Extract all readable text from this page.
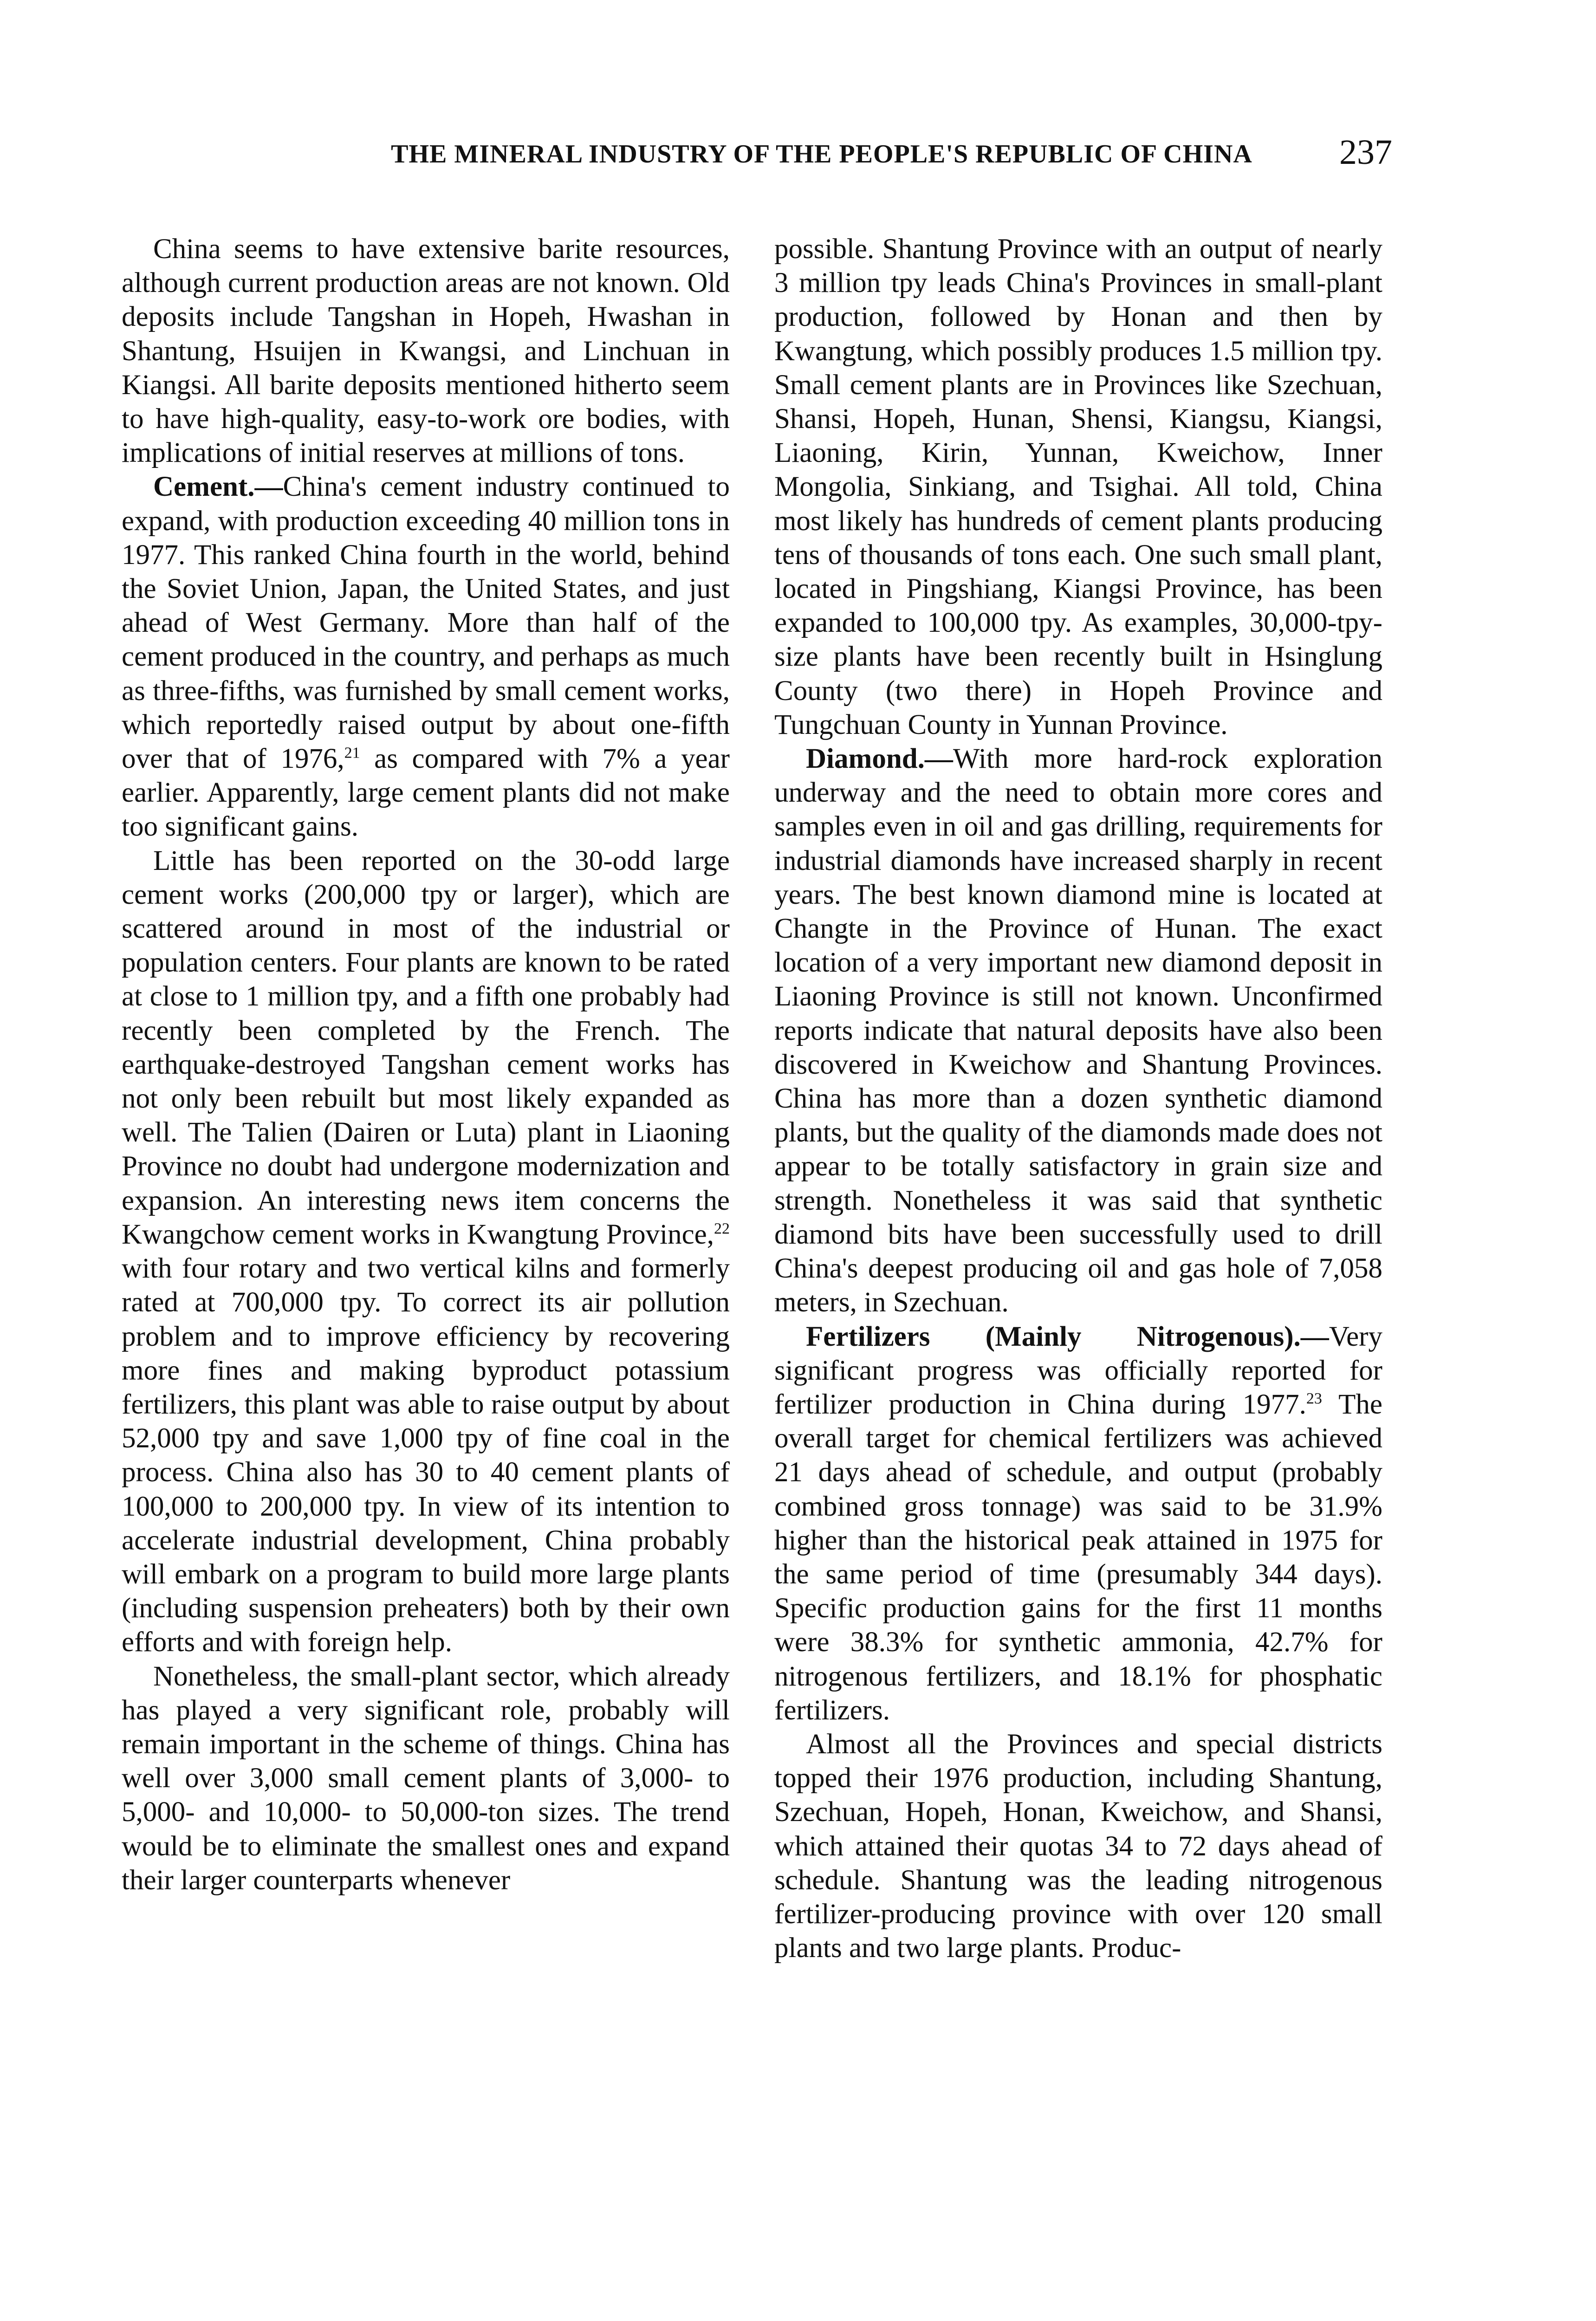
THE MINERAL INDUSTRY OF THE PEOPLE'S REPUBLIC OF CHINA	237

China seems to have extensive barite resources, although current production areas are not known. Old deposits include Tangshan in Hopeh, Hwashan in Shantung, Hsuijen in Kwangsi, and Linchuan in Kiangsi. All barite deposits mentioned hitherto seem to have high-quality, easy-to-work ore bodies, with implications of initial reserves at millions of tons.

Cement.—China's cement industry continued to expand, with production exceeding 40 million tons in 1977. This ranked China fourth in the world, behind the Soviet Union, Japan, the United States, and just ahead of West Germany. More than half of the cement produced in the country, and perhaps as much as three-fifths, was furnished by small cement works, which reportedly raised output by about one-fifth over that of 1976,21 as compared with 7% a year earlier. Apparently, large cement plants did not make too significant gains.

Little has been reported on the 30-odd large cement works (200,000 tpy or larger), which are scattered around in most of the industrial or population centers. Four plants are known to be rated at close to 1 million tpy, and a fifth one probably had recently been completed by the French. The earthquake-destroyed Tangshan cement works has not only been rebuilt but most likely expanded as well. The Talien (Dairen or Luta) plant in Liaoning Province no doubt had undergone modernization and expansion. An interesting news item concerns the Kwangchow cement works in Kwangtung Province,$^{22}$ with four rotary and two vertical kilns and formerly rated at 700,000 tpy. To correct its air pollution problem and to improve efficiency by recovering more fines and making byproduct potassium fertilizers, this plant was able to raise output by about 52,000 tpy and save 1,000 tpy of fine coal in the process. China also has 30 to 40 cement plants of 100,000 to 200,000 tpy. In view of its intention to accelerate industrial development, China probably will embark on a program to build more large plants (including suspension preheaters) both by their own efforts and with foreign help.

Nonetheless, the small-plant sector, which already has played a very significant role, probably will remain important in the scheme of things. China has well over 3,000 small cement plants of 3,000- to 5,000- and 10,000- to 50,000-ton sizes. The trend would be to eliminate the smallest ones and expand their larger counterparts whenever

possible. Shantung Province with an output of nearly 3 million tpy leads China's Provinces in small-plant production, followed by Honan and then by Kwangtung, which possibly produces 1.5 million tpy. Small cement plants are in Provinces like Szechuan, Shansi, Hopeh, Hunan, Shensi, Kiangsu, Kiangsi, Liaoning, Kirin, Yunnan, Kweichow, Inner Mongolia, Sinkiang, and Tsighai. All told, China most likely has hundreds of cement plants producing tens of thousands of tons each. One such small plant, located in Pingshiang, Kiangsi Province, has been expanded to 100,000 tpy. As examples, 30,000-tpy-size plants have been recently built in Hsinglung County (two there) in Hopeh Province and Tungchuan County in Yunnan Province.

Diamond.—With more hard-rock exploration underway and the need to obtain more cores and samples even in oil and gas drilling, requirements for industrial diamonds have increased sharply in recent years. The best known diamond mine is located at Changte in the Province of Hunan. The exact location of a very important new diamond deposit in Liaoning Province is still not known. Unconfirmed reports indicate that natural deposits have also been discovered in Kweichow and Shantung Provinces. China has more than a dozen synthetic diamond plants, but the quality of the diamonds made does not appear to be totally satisfactory in grain size and strength. Nonetheless it was said that synthetic diamond bits have been successfully used to drill China's deepest producing oil and gas hole of 7,058 meters, in Szechuan.

Fertilizers (Mainly Nitrogenous).—Very significant progress was officially reported for fertilizer production in China during 1977.23 The overall target for chemical fertilizers was achieved 21 days ahead of schedule, and output (probably combined gross tonnage) was said to be 31.9% higher than the historical peak attained in 1975 for the same period of time (presumably 344 days). Specific production gains for the first 11 months were 38.3% for synthetic ammonia, 42.7% for nitrogenous fertilizers, and 18.1% for phosphatic fertilizers.

Almost all the Provinces and special districts topped their 1976 production, including Shantung, Szechuan, Hopeh, Honan, Kweichow, and Shansi, which attained their quotas 34 to 72 days ahead of schedule. Shantung was the leading nitrogenous fertilizer-producing province with over 120 small plants and two large plants. Produc-
